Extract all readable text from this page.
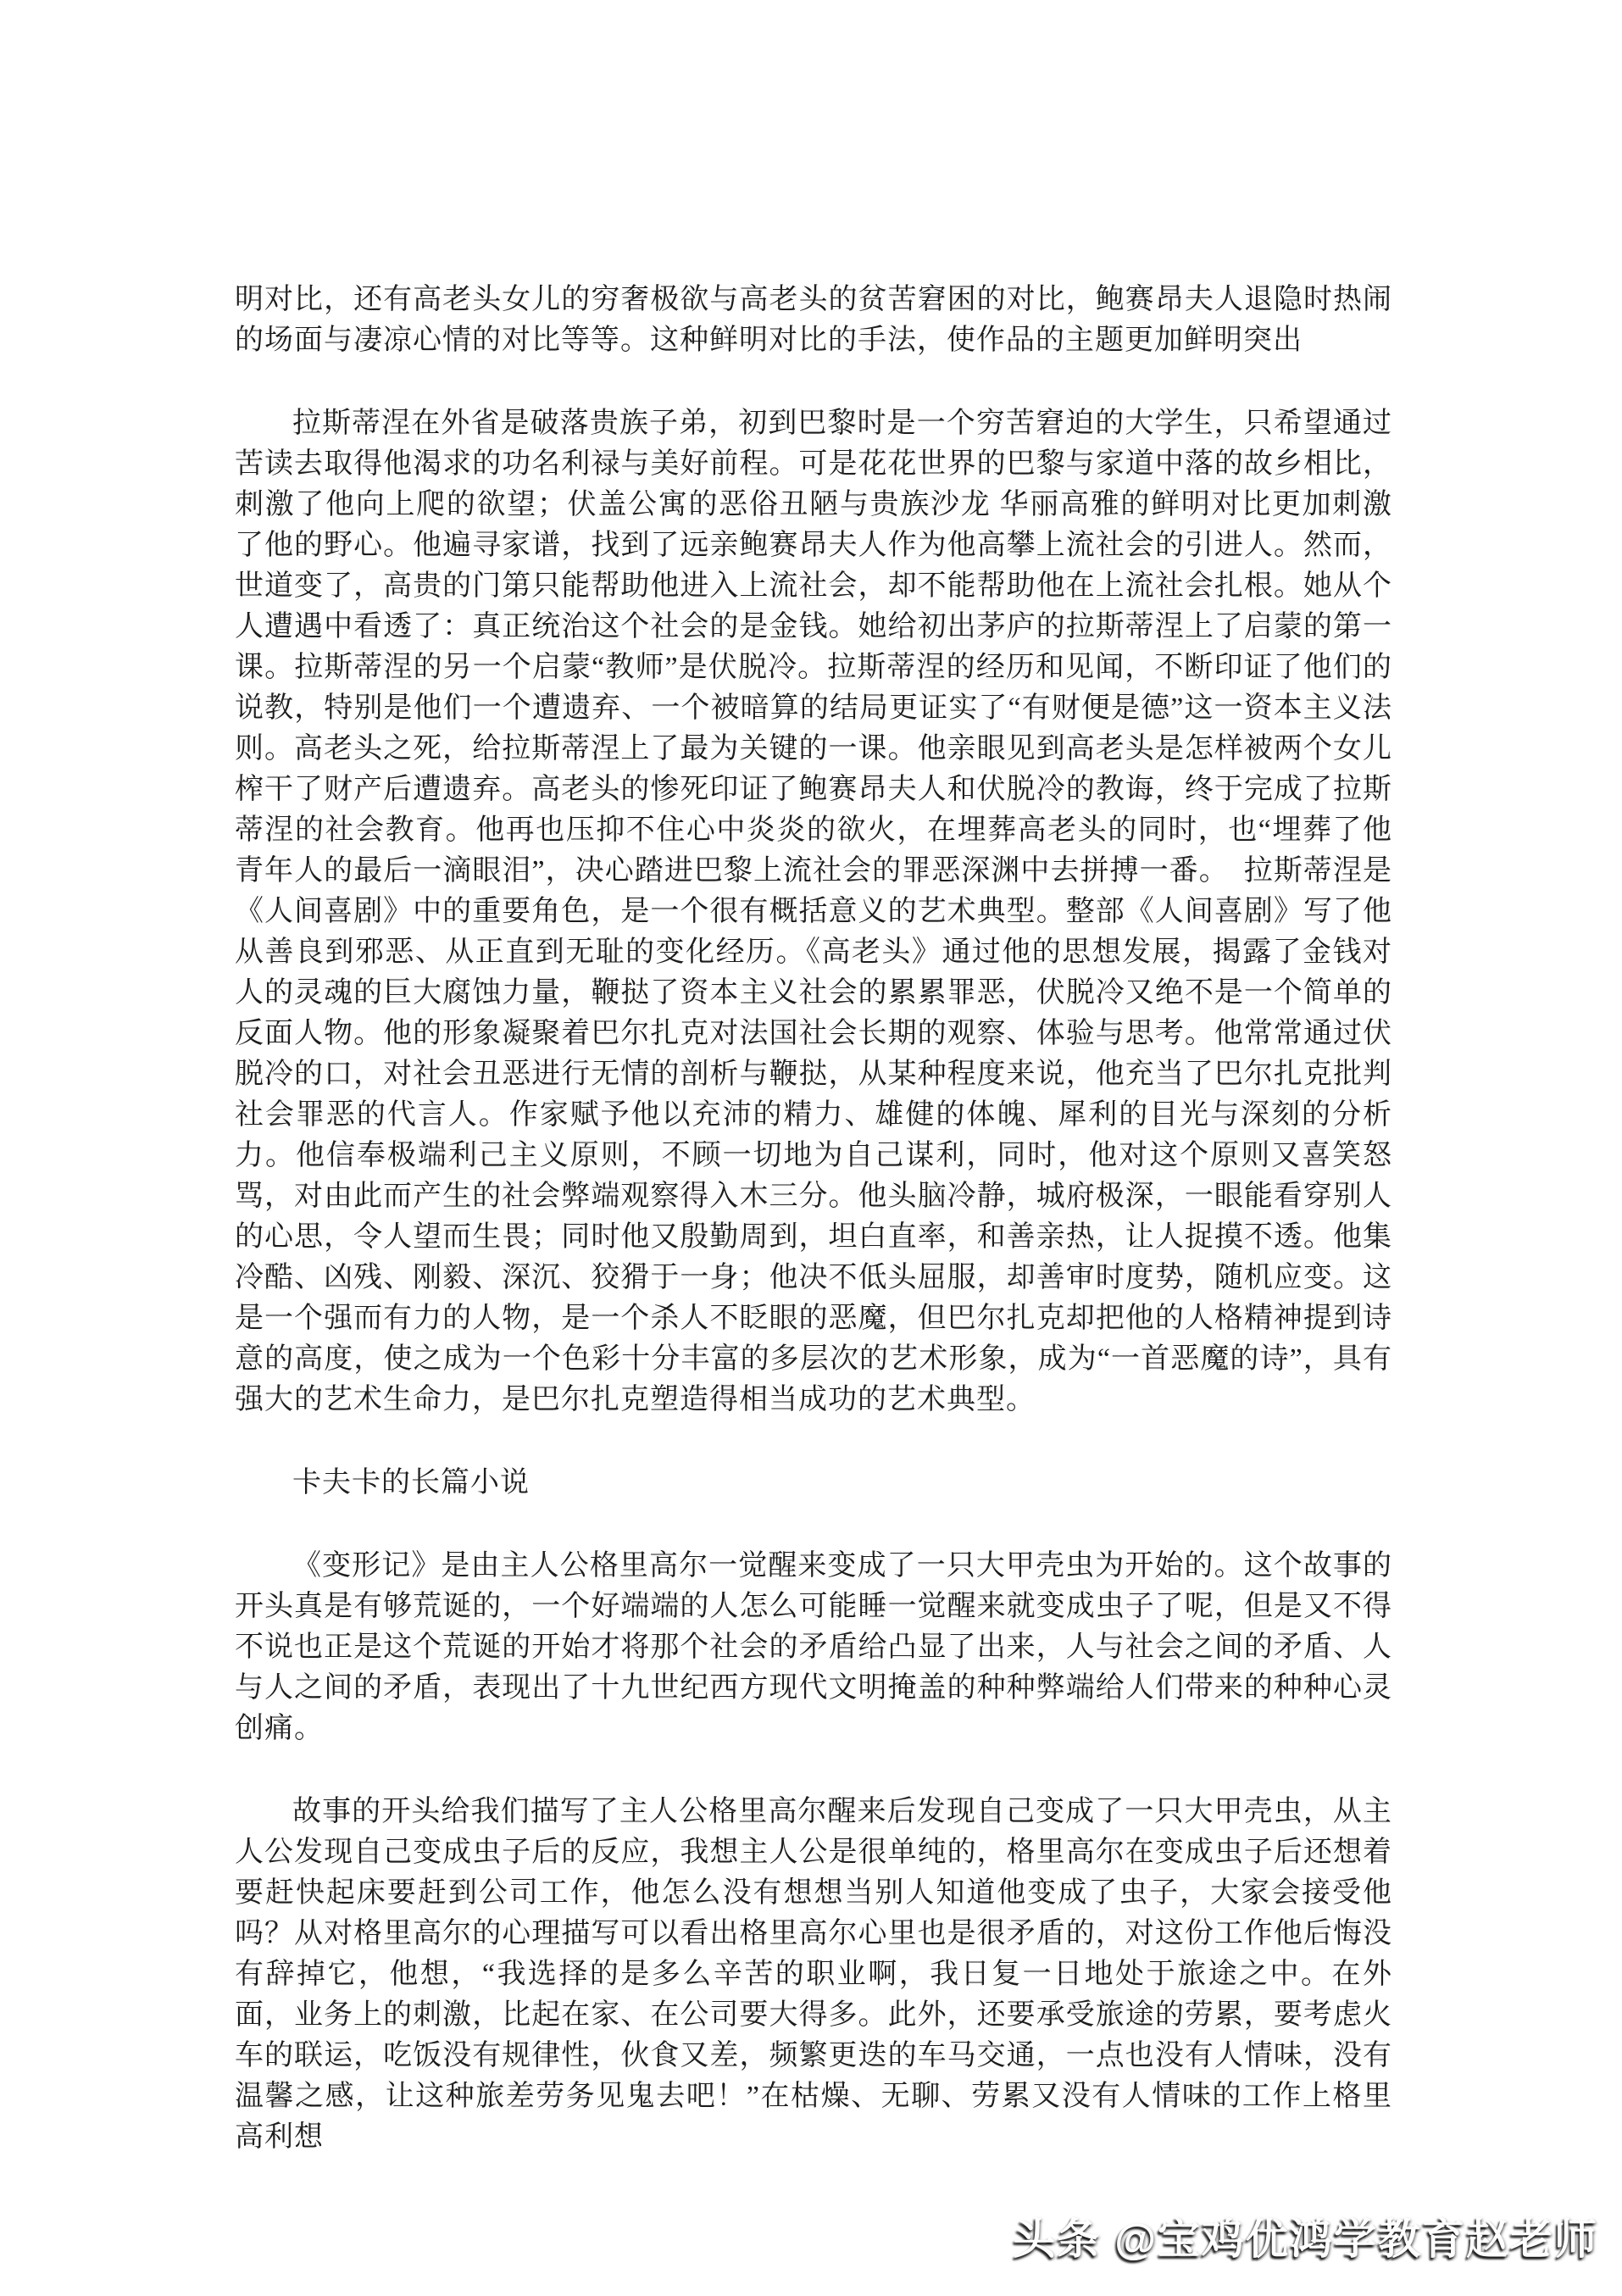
明对比，还有高老头女儿的穷奢极欲与高老头的贫苦窘困的对比，鲍赛昂夫人退隐时热闹的场面与凄凉心情的对比等等。这种鲜明对比的手法，使作品的主题更加鲜明突出

拉斯蒂涅在外省是破落贵族子弟，初到巴黎时是一个穷苦窘迫的大学生，只希望通过苦读去取得他渴求的功名利禄与美好前程。可是花花世界的巴黎与家道中落的故乡相比，刺激了他向上爬的欲望；伏盖公寓的恶俗丑陋与贵族沙龙 华丽高雅的鲜明对比更加刺激了他的野心。他遍寻家谱，找到了远亲鲍赛昂夫人作为他高攀上流社会的引进人。然而，世道变了，高贵的门第只能帮助他进入上流社会，却不能帮助他在上流社会扎根。她从个人遭遇中看透了：真正统治这个社会的是金钱。她给初出茅庐的拉斯蒂涅上了启蒙的第一课。拉斯蒂涅的另一个启蒙“教师”是伏脱冷。拉斯蒂涅的经历和见闻，不断印证了他们的说教，特别是他们一个遭遗弃、一个被暗算的结局更证实了“有财便是德”这一资本主义法则。高老头之死，给拉斯蒂涅上了最为关键的一课。他亲眼见到高老头是怎样被两个女儿榨干了财产后遭遗弃。高老头的惨死印证了鲍赛昂夫人和伏脱冷的教诲，终于完成了拉斯蒂涅的社会教育。他再也压抑不住心中炎炎的欲火，在埋葬高老头的同时，也“埋葬了他青年人的最后一滴眼泪”，决心踏进巴黎上流社会的罪恶深渊中去拼搏一番。　拉斯蒂涅是《人间喜剧》中的重要角色，是一个很有概括意义的艺术典型。整部《人间喜剧》写了他从善良到邪恶、从正直到无耻的变化经历。《高老头》通过他的思想发展，揭露了金钱对人的灵魂的巨大腐蚀力量，鞭挞了资本主义社会的累累罪恶，伏脱冷又绝不是一个简单的反面人物。他的形象凝聚着巴尔扎克对法国社会长期的观察、体验与思考。他常常通过伏脱冷的口，对社会丑恶进行无情的剖析与鞭挞，从某种程度来说，他充当了巴尔扎克批判社会罪恶的代言人。作家赋予他以充沛的精力、雄健的体魄、犀利的目光与深刻的分析力。他信奉极端利己主义原则，不顾一切地为自己谋利，同时，他对这个原则又喜笑怒骂，对由此而产生的社会弊端观察得入木三分。他头脑冷静，城府极深，一眼能看穿别人的心思，令人望而生畏；同时他又殷勤周到，坦白直率，和善亲热，让人捉摸不透。他集冷酷、凶残、刚毅、深沉、狡猾于一身；他决不低头屈服，却善审时度势，随机应变。这是一个强而有力的人物，是一个杀人不眨眼的恶魔，但巴尔扎克却把他的人格精神提到诗意的高度，使之成为一个色彩十分丰富的多层次的艺术形象，成为“一首恶魔的诗”，具有强大的艺术生命力，是巴尔扎克塑造得相当成功的艺术典型。

卡夫卡的长篇小说

《变形记》是由主人公格里高尔一觉醒来变成了一只大甲壳虫为开始的。这个故事的开头真是有够荒诞的，一个好端端的人怎么可能睡一觉醒来就变成虫子了呢，但是又不得不说也正是这个荒诞的开始才将那个社会的矛盾给凸显了出来，人与社会之间的矛盾、人与人之间的矛盾，表现出了十九世纪西方现代文明掩盖的种种弊端给人们带来的种种心灵创痛。

故事的开头给我们描写了主人公格里高尔醒来后发现自己变成了一只大甲壳虫，从主人公发现自己变成虫子后的反应，我想主人公是很单纯的，格里高尔在变成虫子后还想着要赶快起床要赶到公司工作，他怎么没有想想当别人知道他变成了虫子，大家会接受他吗？从对格里高尔的心理描写可以看出格里高尔心里也是很矛盾的，对这份工作他后悔没有辞掉它，他想，“我选择的是多么辛苦的职业啊，我日复一日地处于旅途之中。在外面，业务上的刺激，比起在家、在公司要大得多。此外，还要承受旅途的劳累，要考虑火车的联运，吃饭没有规律性，伙食又差，频繁更迭的车马交通，一点也没有人情味，没有温馨之感，让这种旅差劳务见鬼去吧！”在枯燥、无聊、劳累又没有人情味的工作上格里高利想

头条 @宝鸡优鸿学教育赵老师
